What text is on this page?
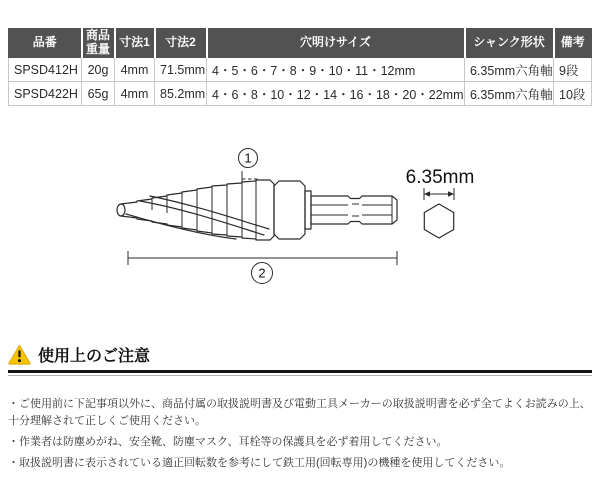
品番	商品重量	寸法1	寸法2	穴明けサイズ	シャンク形状	備考
SPSD412H	20g	4mm	71.5mm	4・5・6・7・8・9・10・11・12mm	6.35mm六角軸	9段
SPSD422H	65g	4mm	85.2mm	4・6・8・10・12・14・16・18・20・22mm	6.35mm六角軸	10段
1
2
6.35mm
使用上のご注意

・ご使用前に下記事項以外に、商品付属の取扱説明書及び電動工具メーカーの取扱説明書を必ず全てよくお読みの上、十分理解されて正しくご使用ください。

・作業者は防塵めがね、安全靴、防塵マスク、耳栓等の保護具を必ず着用してください。

・取扱説明書に表示されている適正回転数を参考にして鉄工用(回転専用)の機種を使用してください。
